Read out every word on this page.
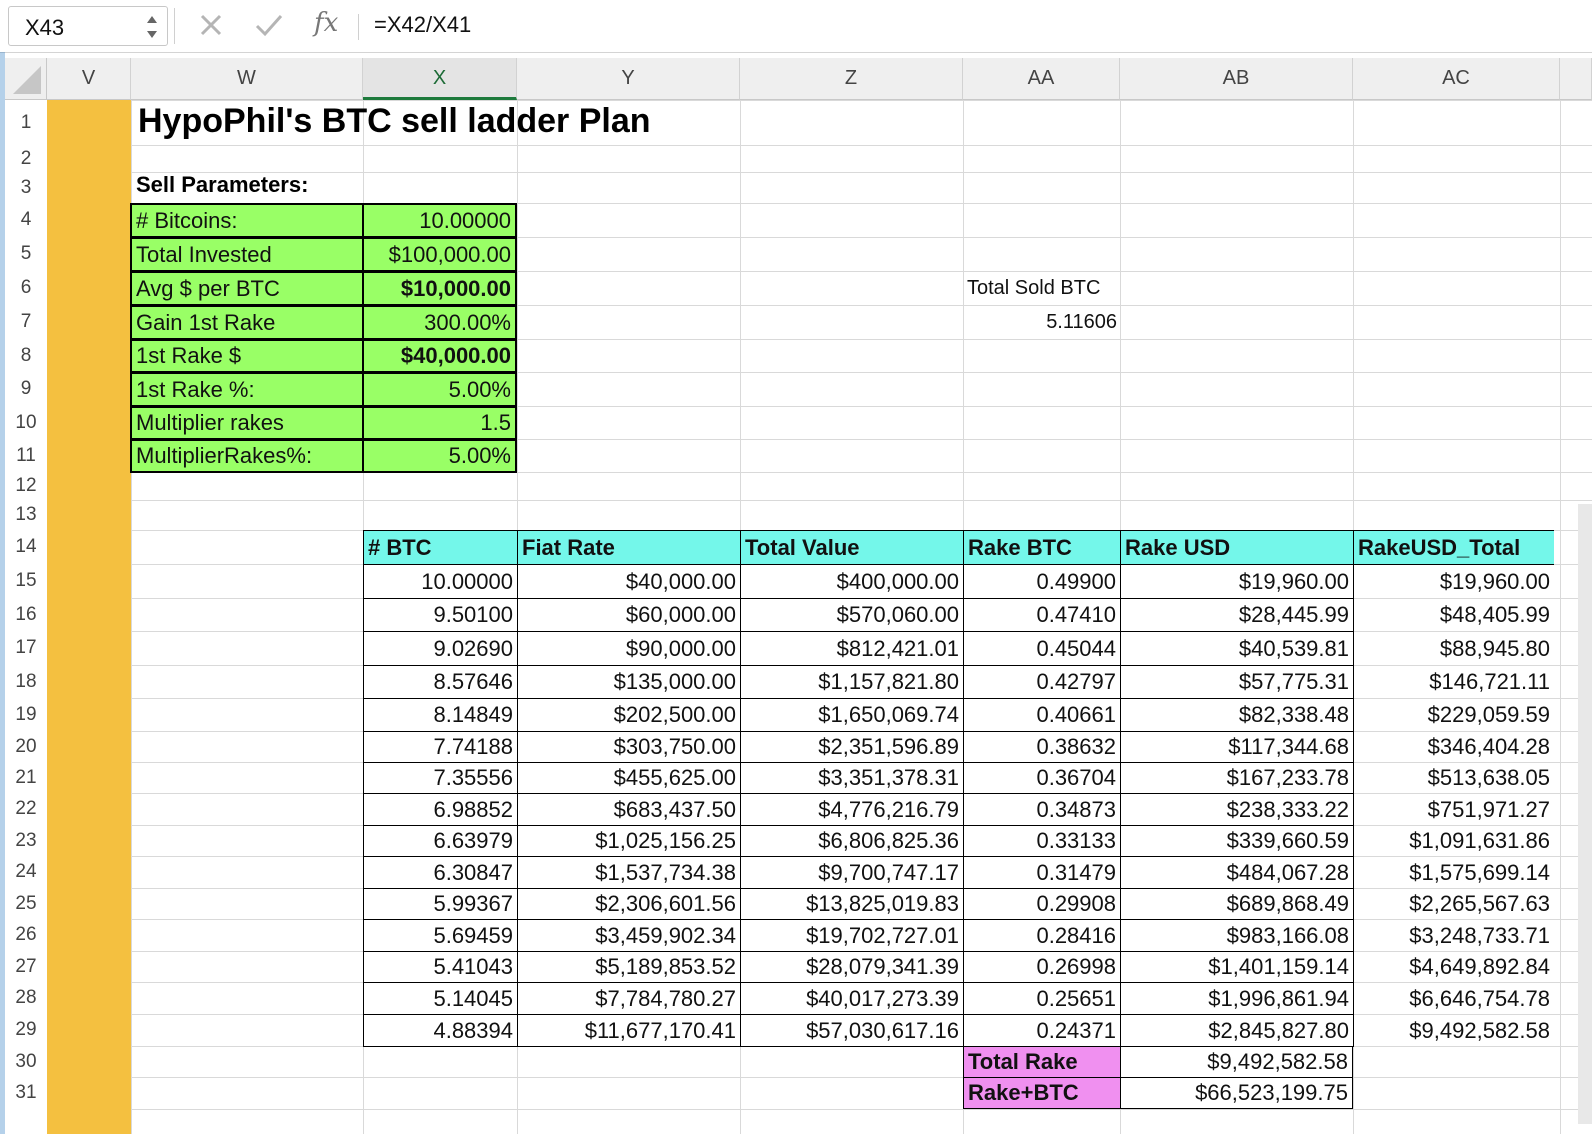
X43	fx =X42/X41
V	W	X	Y	Z	AA	AB	AC
1
2
3
4
5
6
7
8
9
10
11
12
13
14
15
16
17
18
19
20
21
22
23
24
25
26
27
28
29
30
31
HypoPhil's BTC sell ladder Plan
Sell Parameters:
# Bitcoins:	10.00000
Total Invested	$100,000.00
Avg $ per BTC	$10,000.00
Gain 1st Rake	300.00%
1st Rake $	$40,000.00
1st Rake %:	5.00%
Multiplier rakes	1.5
MultiplierRakes%:	5.00%
Total Sold BTC
5.11606
# BTC	Fiat Rate	Total Value	Rake BTC	Rake USD	RakeUSD_Total
10.00000	$40,000.00	$400,000.00	0.49900	$19,960.00	$19,960.00
9.50100	$60,000.00	$570,060.00	0.47410	$28,445.99	$48,405.99
9.02690	$90,000.00	$812,421.01	0.45044	$40,539.81	$88,945.80
8.57646	$135,000.00	$1,157,821.80	0.42797	$57,775.31	$146,721.11
8.14849	$202,500.00	$1,650,069.74	0.40661	$82,338.48	$229,059.59
7.74188	$303,750.00	$2,351,596.89	0.38632	$117,344.68	$346,404.28
7.35556	$455,625.00	$3,351,378.31	0.36704	$167,233.78	$513,638.05
6.98852	$683,437.50	$4,776,216.79	0.34873	$238,333.22	$751,971.27
6.63979	$1,025,156.25	$6,806,825.36	0.33133	$339,660.59	$1,091,631.86
6.30847	$1,537,734.38	$9,700,747.17	0.31479	$484,067.28	$1,575,699.14
5.99367	$2,306,601.56	$13,825,019.83	0.29908	$689,868.49	$2,265,567.63
5.69459	$3,459,902.34	$19,702,727.01	0.28416	$983,166.08	$3,248,733.71
5.41043	$5,189,853.52	$28,079,341.39	0.26998	$1,401,159.14	$4,649,892.84
5.14045	$7,784,780.27	$40,017,273.39	0.25651	$1,996,861.94	$6,646,754.78
4.88394	$11,677,170.41	$57,030,617.16	0.24371	$2,845,827.80	$9,492,582.58
Total Rake	$9,492,582.58
Rake+BTC	$66,523,199.75
